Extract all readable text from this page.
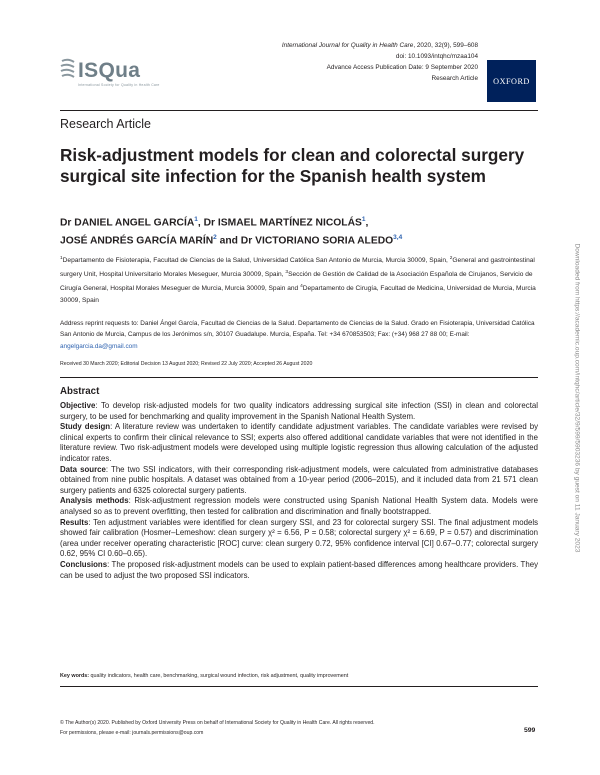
ISQua
International Society for Quality in Health Care
International Journal for Quality in Health Care, 2020, 32(9), 599–608
doi: 10.1093/intqhc/mzaa104
Advance Access Publication Date: 9 September 2020
Research Article	OXFORD
Research Article
Risk-adjustment models for clean and colorectal surgery surgical site infection for the Spanish health system
Dr DANIEL ANGEL GARCÍA$^1$, Dr ISMAEL MARTÍNEZ NICOLÁS$^1$,
JOSÉ ANDRÉS GARCÍA MARÍN$^2$ and Dr VICTORIANO SORIA ALEDO$^{3,4}$
$^1$Departamento de Fisioterapia, Facultad de Ciencias de la Salud, Universidad Católica San Antonio de Murcia, Murcia 30009, Spain, $^2$General and gastrointestinal surgery Unit, Hospital Universitario Morales Meseguer, Murcia 30009, Spain, $^3$Sección de Gestión de Calidad de la Asociación Española de Cirujanos, Servicio de Cirugía General, Hospital Morales Meseguer de Murcia, Murcia 30009, Spain and $^4$Departamento de Cirugía, Facultad de Medicina, Universidad de Murcia, Murcia 30009, Spain
Address reprint requests to: Daniel Ángel García, Facultad de Ciencias de la Salud. Departamento de Ciencias de la Salud. Grado en Fisioterapia, Universidad Católica San Antonio de Murcia, Campus de los Jerónimos s/n, 30107 Guadalupe. Murcia, España. Tel: +34 670853503; Fax: (+34) 968 27 88 00; E-mail: angelgarcia.da@gmail.com
Received 30 March 2020; Editorial Decision 13 August 2020; Revised 22 July 2020; Accepted 26 August 2020
Abstract

Objective: To develop risk-adjusted models for two quality indicators addressing surgical site infection (SSI) in clean and colorectal surgery, to be used for benchmarking and quality improvement in the Spanish National Health System.

Study design: A literature review was undertaken to identify candidate adjustment variables. The candidate variables were revised by clinical experts to confirm their clinical relevance to SSI; experts also offered additional candidate variables that were not identified in the literature review. Two risk-adjustment models were developed using multiple logistic regression thus allowing calculation of the adjusted indicator rates.

Data source: The two SSI indicators, with their corresponding risk-adjustment models, were calculated from administrative databases obtained from nine public hospitals. A dataset was obtained from a 10-year period (2006–2015), and it included data from 21 571 clean surgery patients and 6325 colorectal surgery patients.

Analysis methods: Risk-adjustment regression models were constructed using Spanish National Health System data. Models were analysed so as to prevent overfitting, then tested for calibration and discrimination and finally bootstrapped.

Results: Ten adjustment variables were identified for clean surgery SSI, and 23 for colorectal surgery SSI. The final adjustment models showed fair calibration (Hosmer–Lemeshow: clean surgery χ² = 6.56, P = 0.58; colorectal surgery χ² = 6.69, P = 0.57) and discrimination (area under receiver operating characteristic [ROC] curve: clean surgery 0.72, 95% confidence interval [CI] 0.67–0.77; colorectal surgery 0.62, 95% CI 0.60–0.65).

Conclusions: The proposed risk-adjustment models can be used to explain patient-based differences among healthcare providers. They can be used to adjust the two proposed SSI indicators.

Key words: quality indicators, health care, benchmarking, surgical wound infection, risk adjustment, quality improvement
© The Author(s) 2020. Published by Oxford University Press on behalf of International Society for Quality in Health Care. All rights reserved.
For permissions, please e-mail: journals.permissions@oup.com	599
Downloaded from https://academic.oup.com/intqhc/article/32/9/599/5903236 by guest on 11 January 2023
